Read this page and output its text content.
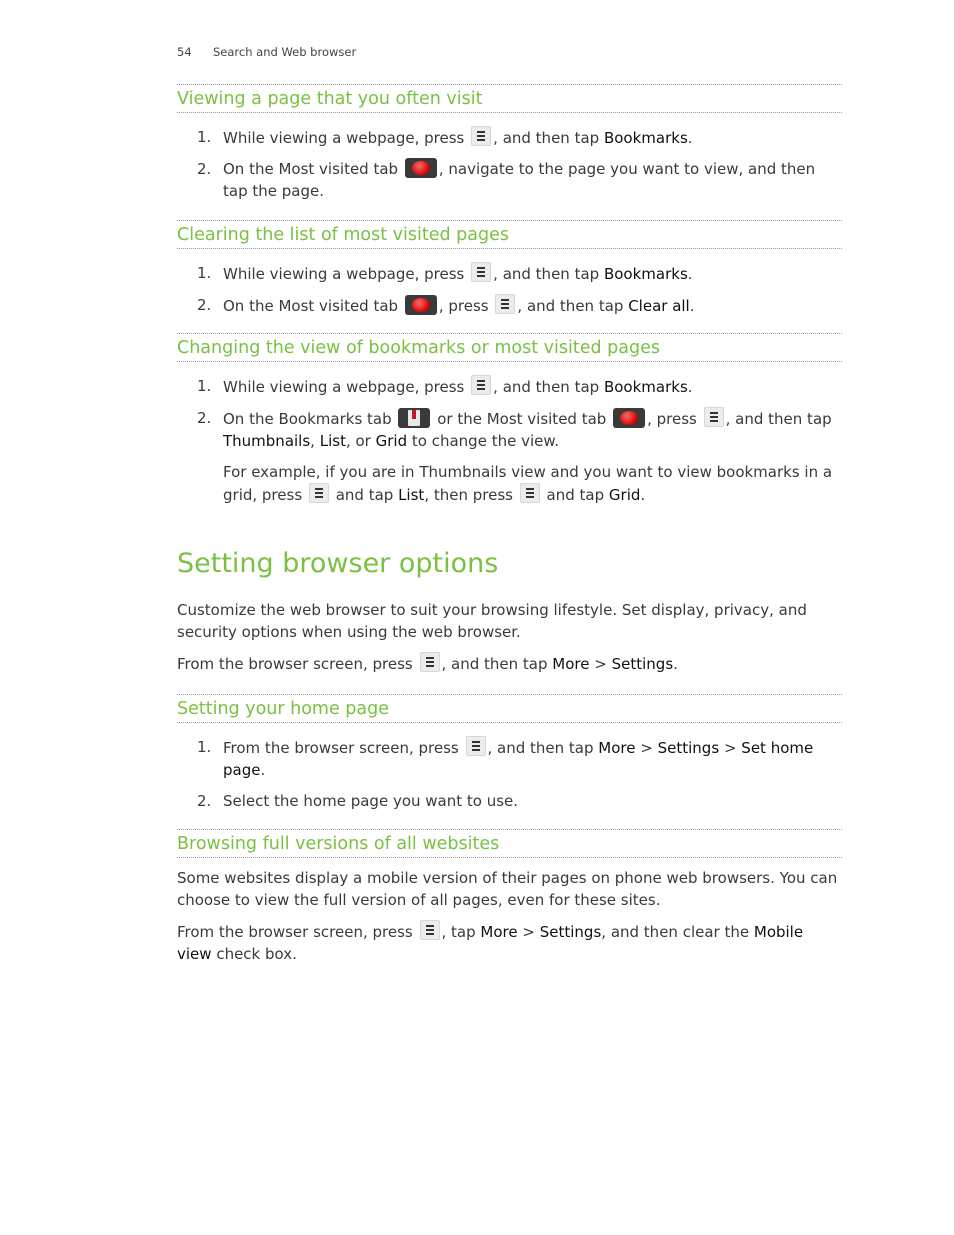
54 Search and Web browser
Viewing a page that you often visit
1. While viewing a webpage, press , and then tap Bookmarks.
2. On the Most visited tab	, navigate to the page you want to view, and then tap the page.
Clearing the list of most visited pages
1. While viewing a webpage, press , and then tap Bookmarks.
2. On the Most visited tab	, press , and then tap Clear all.
Changing the view of bookmarks or most visited pages
1. While viewing a webpage, press , and then tap Bookmarks.
2. On the Bookmarks tab	or the Most visited tab	, press , and then tap Thumbnails, List, or Grid to change the view.
For example, if you are in Thumbnails view and you want to view bookmarks in a grid, press and tap List, then press and tap Grid.
Setting browser options
Customize the web browser to suit your browsing lifestyle. Set display, privacy, and security options when using the web browser.
From the browser screen, press , and then tap More > Settings.
Setting your home page
1. From the browser screen, press , and then tap More > Settings > Set home page.
2. Select the home page you want to use.
Browsing full versions of all websites
Some websites display a mobile version of their pages on phone web browsers. You can choose to view the full version of all pages, even for these sites.
From the browser screen, press , tap More > Settings, and then clear the Mobile view check box.
